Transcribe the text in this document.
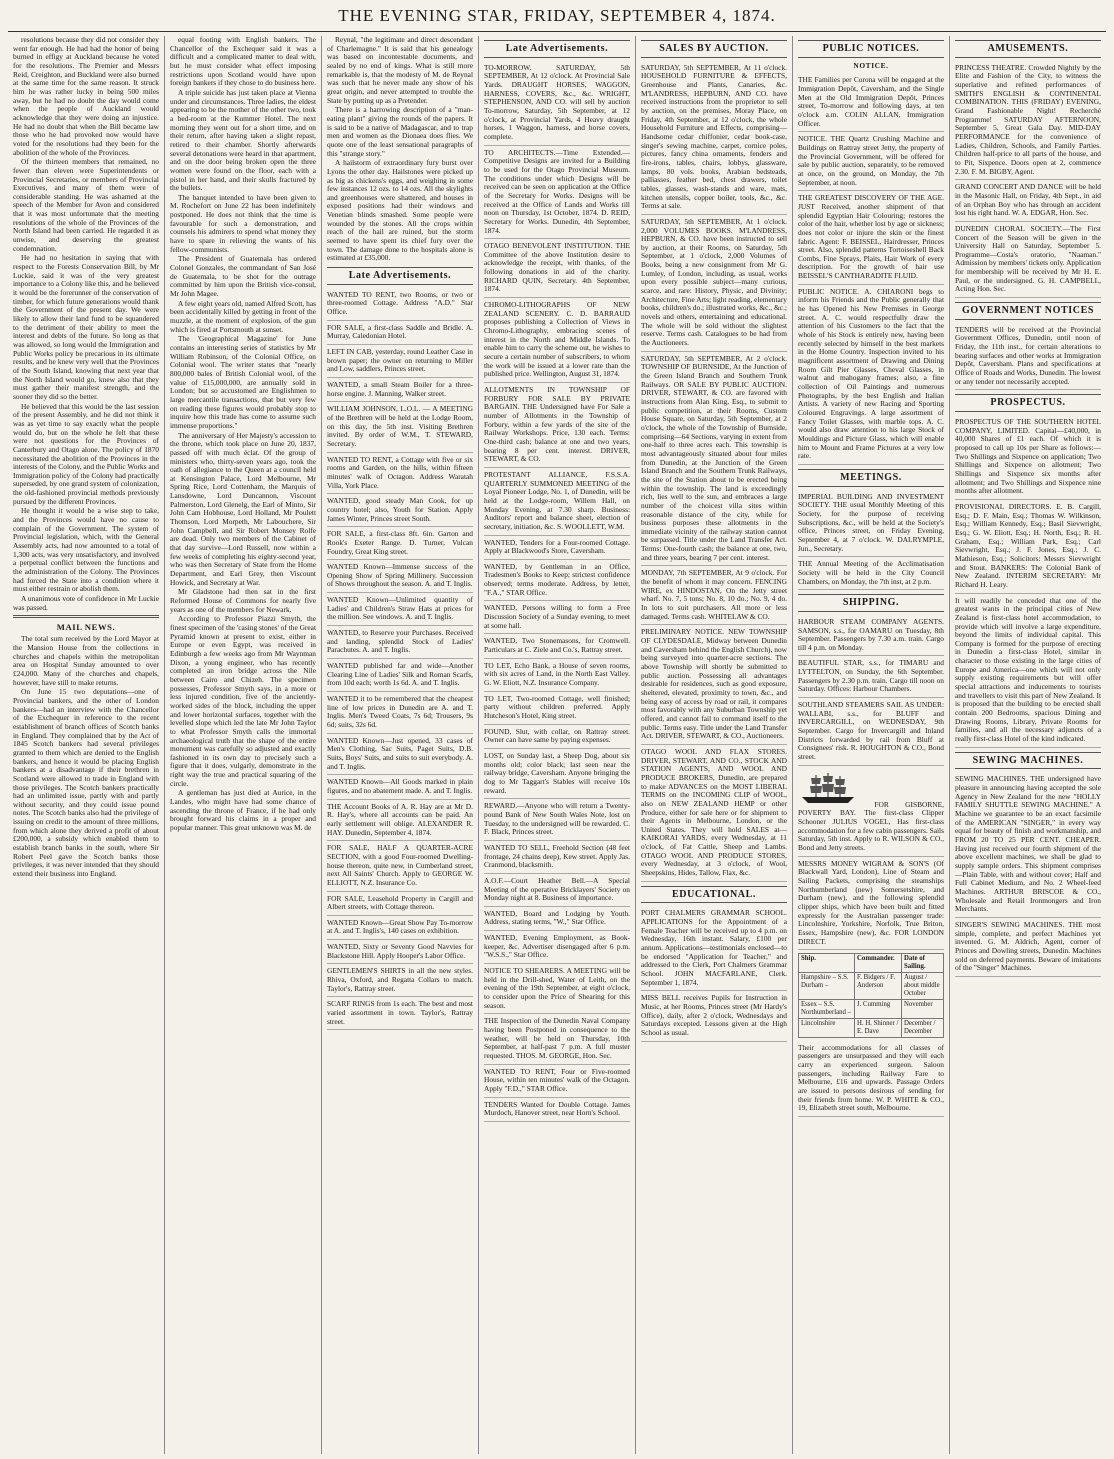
THE EVENING STAR, FRIDAY, SEPTEMBER 4, 1874.

resolutions because they did not consider they went far enough. He had had the honor of being burned in effigy at Auckland because he voted for the resolutions. The Premier and Messrs Reid, Creighton, and Buckland were also burned at the same time for the same reason. It struck him he was rather lucky in being 500 miles away, but he had no doubt the day would come when the people of Auckland would acknowledge that they were doing an injustice. He had no doubt that when the Bill became law those who he had provoked now would have voted for the resolutions had they been for the abolition of the whole of the Provinces.

Of the thirteen members that remained, no fewer than eleven were Superintendents or Provincial Secretaries, or members of Provincial Executives, and many of them were of considerable standing. He was ashamed at the speech of the Member for Avon and considered that it was most unfortunate that the meeting resolutions of the whole of the Provinces of the North Island had been carried. He regarded it as unwise, and deserving the greatest condemnation.

He had no hesitation in saying that with respect to the Forests Conservation Bill, by Mr Luckie, said it was of the very greatest importance to a Colony like this, and he believed it would be the forerunner of the conservation of timber, for which future generations would thank the Government of the present day. We were likely to allow their land fund to be squandered to the detriment of their ability to meet the interest and debts of the future. So long as that was allowed, so long would the Immigration and Public Works policy be precarious in its ultimate results, and he knew very well that the Provinces of the South Island, knowing that next year that the North Island would go, knew also that they must gather their manifest strength, and the sooner they did so the better.

He believed that this would be the last session of the present Assembly, and he did not think it was as yet time to say exactly what the people would do, but on the whole he felt that these were not questions for the Provinces of Canterbury and Otago alone. The policy of 1870 necessitated the abolition of the Provinces in the interests of the Colony, and the Public Works and Immigration policy of the Colony had practically superseded, by one grand system of colonization, the old-fashioned provincial methods previously pursued by the different Provinces.

He thought it would be a wise step to take, and the Provinces would have no cause to complain of the Government. The system of Provincial legislation, which, with the General Assembly acts, had now amounted to a total of 1,300 acts, was very unsatisfactory, and involved a perpetual conflict between the functions and the administration of the Colony. The Provinces had forced the State into a condition where it must either restrain or abolish them.

A unanimous vote of confidence in Mr Luckie was passed.

MAIL NEWS.

The total sum received by the Lord Mayor at the Mansion House from the collections in churches and chapels within the metropolitan area on Hospital Sunday amounted to over £24,000. Many of the churches and chapels, however, have still to make returns.

On June 15 two deputations—one of Provincial bankers, and the other of London bankers—had an interview with the Chancellor of the Exchequer in reference to the recent establishment of branch offices of Scotch banks in England. They complained that by the Act of 1845 Scotch bankers had several privileges granted to them which are denied to the English bankers, and hence it would be placing English bankers at a disadvantage if their brethren in Scotland were allowed to trade in England with those privileges. The Scotch bankers practically had an unlimited issue, partly with and partly without security, and they could issue pound notes. The Scotch banks also had the privilege of issuing on credit to the amount of three millions, from which alone they derived a profit of about £200,000, a subsidy which enabled them to establish branch banks in the south, where Sir Robert Peel gave the Scotch banks those privileges, it was never intended that they should extend their business into England.

equal footing with English bankers. The Chancellor of the Exchequer said it was a difficult and a complicated matter to deal with, but he must consider what effect imposing restrictions upon Scotland would have upon foreign bankers if they chose to do business here.

A triple suicide has just taken place at Vienna under and circumstances. Three ladies, the eldest appearing to be the mother of the other two, took a bed-room at the Kummer Hotel. The next morning they went out for a short time, and on their return, after having taken a slight repast, retired to their chamber. Shortly afterwards several detonations were heard in that apartment, and on the door being broken open the three women were found on the floor, each with a pistol in her hand, and their skulls fractured by the bullets.

The banquet intended to have been given to M. Rochefort on June 22 has been indefinitely postponed. He does not think that the time is favourable for such a demonstration, and counsels his admirers to spend what money they have to spare in relieving the wants of his fellow-communists.

The President of Guatemala has ordered Colonel Gonzales, the commandant of San José de Guatemala, to be shot for the outrage committed by him upon the British vice-consul, Mr John Magee.

A few eight years old, named Alfred Scott, has been accidentally killed by getting in front of the muzzle, at the moment of explosion, of the gun which is fired at Portsmouth at sunset.

The 'Geographical Magazine' for June contains an interesting series of statistics by Mr William Robinson, of the Colonial Office, on Colonial wool. The writer states that "nearly 800,000 bales of British Colonial wool, of the value of £15,000,000, are annually sold in London; but so accustomed are Englishmen to large mercantile transactions, that but very few on reading these figures would probably stop to inquire how this trade has come to assume such immense proportions."

The anniversary of Her Majesty's accession to the throne, which took place on June 20, 1837, passed off with much éclat. Of the group of ministers who, thirty-seven years ago, took the oath of allegiance to the Queen at a council held at Kensington Palace, Lord Melbourne, Mr Spring Rice, Lord Cottenham, the Marquis of Lansdowne, Lord Duncannon, Viscount Palmerston, Lord Glenelg, the Earl of Minto, Sir John Cam Hobhouse, Lord Holland, Mr Poulett Thomson, Lord Morpeth, Mr Labouchere, Sir John Campbell, and Sir Robert Monsey Rolfe are dead. Only two members of the Cabinet of that day survive—Lord Russell, now within a few weeks of completing his eighty-second year, who was then Secretary of State from the Home Department, and Earl Grey, then Viscount Howick, and Secretary at War.

Mr Gladstone had then sat in the first Reformed House of Commons for nearly five years as one of the members for Newark.

According to Professor Piazzi Smyth, the finest specimen of the 'casing stones' of the Great Pyramid known at present to exist, either in Europe or even Egypt, was received in Edinburgh a few weeks ago from Mr Waynman Dixon, a young engineer, who has recently completed an iron bridge across the Nile between Cairo and Chizeh. The specimen possesses, Professor Smyth says, in a more or less injured condition, five of the anciently-worked sides of the block, including the upper and lower horizontal surfaces, together with the levelled slope which led the late Mr John Taylor to what Professor Smyth calls the immortal archaeological truth that the shape of the entire monument was carefully so adjusted and exactly fashioned in its own day to precisely such a figure that it does, vulgarly, demonstrate in the right way the true and practical squaring of the circle.

A gentleman has just died at Aurice, in the Landes, who might have had some chance of ascending the throne of France, if he had only brought forward his claims in a proper and popular manner. This great unknown was M. de

Reynal, "the legitimate and direct descendant of Charlemagne." It is said that his genealogy was based on incontestable documents, and sealed by no end of kings. What is still more remarkable is, that the modesty of M. de Reynal was such that he never made any show of his great origin, and never attempted to trouble the State by putting up as a Pretender.

There is a harrowing description of a "man-eating plant" giving the rounds of the papers. It is said to be a native of Madagascar, and to trap men and women as the Dionaea does flies. We quote one of the least sensational paragraphs of this "strange story."

A hailstorm of extraordinary fury burst over Lyons the other day. Hailstones were picked up as big as chickens's eggs, and weighing in some few instances 12 ozs. to 14 ozs. All the skylights and greenhouses were shattered, and houses in exposed positions had their windows and Venetian blinds smashed. Some people were wounded by the stones. All the crops within reach of the hail are ruined, but the storm seemed to have spent its chief fury over the town. The damage done to the hospitals alone is estimated at £35,000.

Late Advertisements.
WANTED TO RENT, two Rooms, or two or three-roomed Cottage. Address "A.D." Star Office.
FOR SALE, a first-class Saddle and Bridle. A. Murray, Caledonian Hotel.
LEFT IN CAB, yesterday, round Leather Case in brown paper; the owner on returning to Miller and Low, saddlers, Princes street.
WANTED, a small Steam Boiler for a three-horse engine. J. Manning, Walker street.
WILLIAM JOHNSON, L.O.L. — A MEETING of the Brethren will be held at the Lodge Room, on this day, the 5th inst. Visiting Brethren invited. By order of W.M., T. STEWARD, Secretary.
WANTED TO RENT, a Cottage with five or six rooms and Garden, on the hills, within fifteen minutes' walk of Octagon. Address Waratah Villa, York Place.
WANTED, good steady Man Cook, for up country hotel; also, Youth for Station. Apply James Winter, Princes street South.
FOR SALE, a first-class 8ft. 6in. Garton and Rook's Exeter Range. D. Turner, Vulcan Foundry, Great King street.
WANTED Known—Immense success of the Opening Show of Spring Millinery. Succession of Shows throughout the season. A. and T. Inglis.
WANTED Known—Unlimited quantity of Ladies' and Children's Straw Hats at prices for the million. See windows. A. and T. Inglis.
WANTED, to Reserve your Purchases. Received and landing, splendid Stock of Ladies' Parachutes. A. and T. Inglis.
WANTED published far and wide—Another Clearing Line of Ladies' Silk and Roman Scarfs, from 10d each; worth 1s 6d. A. and T. Inglis.
WANTED it to be remembered that the cheapest line of low prices in Dunedin are A. and T. Inglis. Men's Tweed Coats, 7s 6d; Trousers, 9s 6d; suits, 32s 6d.
WANTED Known—Just opened, 33 cases of Men's Clothing, Sac Suits, Paget Suits, D.B. Suits, Boys' Suits, and suits to suit everybody. A. and T. Inglis.
WANTED Known—All Goods marked in plain figures, and no abatement made. A. and T. Inglis.
THE Account Books of A. R. Hay are at Mr D. R. Hay's, where all accounts can be paid. An early settlement will oblige. ALEXANDER R. HAY. Dunedin, September 4, 1874.
FOR SALE, HALF A QUARTER-ACRE SECTION, with a good Four-roomed Dwelling-house thereon, quite new, in Cumberland street, next All Saints' Church. Apply to GEORGE W. ELLIOTT, N.Z. Insurance Co.
FOR SALE, Leasehold Property in Cargill and Albert streets, with Cottage thereon.
WANTED Known—Great Show Pay To-morrow at A. and T. Inglis's, 140 cases on exhibition.
WANTED, Sixty or Seventy Good Navvies for Blackstone Hill. Apply Hooper's Labor Office.
GENTLEMEN'S SHIRTS in all the new styles. Rhiva, Oxford, and Regatta Collars to match. Taylor's, Rattray street.
SCARF RINGS from 1s each. The best and most varied assortment in town. Taylor's, Rattray street.
Late Advertisements.
TO-MORROW. SATURDAY, 5th SEPTEMBER, At 12 o'clock. At Provincial Sale Yards. DRAUGHT HORSES, WAGGON, HARNESS, COVERS, &c., &c. WRIGHT, STEPHENSON, AND CO. will sell by auction To-morrow, Saturday, 5th September, at 12 o'clock, at Provincial Yards, 4 Heavy draught horses, 1 Waggon, harness, and horse covers, complete.
TO ARCHITECTS.—Time Extended.—Competitive Designs are invited for a Building to be used for the Otago Provincial Museum. The conditions under which Designs will be received can be seen on application at the Office of the Secretary for Works. Designs will be received at the Office of Lands and Works till noon on Thursday, 1st October, 1874. D. REID, Secretary for Works. Dunedin, 4th September, 1874.
OTAGO BENEVOLENT INSTITUTION. THE Committee of the above Institution desire to acknowledge the receipt, with thanks, of the following donations in aid of the charity. RICHARD QUIN, Secretary. 4th September, 1874.
CHROMO-LITHOGRAPHS OF NEW ZEALAND SCENERY. C. D. BARRAUD proposes publishing a Collection of Views in Chromo-Lithography, embracing scenes of interest in the North and Middle Islands. To enable him to carry the scheme out, he wishes to secure a certain number of subscribers, to whom the work will be issued at a lower rate than the published price. Wellington, August 31, 1874.
ALLOTMENTS IN TOWNSHIP OF FORBURY FOR SALE BY PRIVATE BARGAIN. THE Undersigned have For Sale a number of Allotments in the Township of Forbury, within a few yards of the site of the Railway Workshops. Price, 130 each. Terms: One-third cash; balance at one and two years, bearing 8 per cent. interest. DRIVER, STEWART, & CO.
PROTESTANT ALLIANCE, F.S.S.A. QUARTERLY SUMMONED MEETING of the Loyal Pioneer Lodge, No. 1, of Dunedin, will be held at the Lodge-room, Willem Hall, on Monday Evening, at 7.30 sharp. Business: Auditors' report and balance sheet, election of secretary, initiation, &c. S. WOOLLETT, W.M.
WANTED, Tenders for a Four-roomed Cottage. Apply at Blackwood's Store, Caversham.
WANTED, by Gentleman in an Office, Tradesmen's Books to Keep; strictest confidence observed; terms moderate. Address, by letter, "F.A.," STAR Office.
WANTED, Persons willing to form a Free Discussion Society of a Sunday evening, to meet at some hall.
WANTED, Two Stonemasons, for Cromwell. Particulars at C. Ziele and Co.'s, Rattray street.
TO LET, Echo Bank, a House of seven rooms, with six acres of Land, in the North East Valley. G. W. Eliott, N.Z. Insurance Company.
TO LET, Two-roomed Cottage, well finished; party without children preferred. Apply Hutcheson's Hotel, King street.
FOUND, Slut, with collar, on Rattray street. Owner can have same by paying expenses.
LOST, on Sunday last, a Sheep Dog, about six months old; color black; last seen near the railway bridge, Caversham. Anyone bringing the dog to Mr Taggart's Stables will receive 10s reward.
REWARD.—Anyone who will return a Twenty-pound Bank of New South Wales Note, lost on Tuesday, to the undersigned will be rewarded. C. F. Black, Princes street.
WANTED TO SELL, Freehold Section (48 feet frontage, 24 chains deep), Kew street. Apply Jas. Cranmond, blacksmith.
A.O.F.—Court Heather Bell.—A Special Meeting of the operative Bricklayers' Society on Monday night at 8. Business of importance.
WANTED, Board and Lodging by Youth. Address, stating terms, "W.," Star Office.
WANTED, Evening Employment, as Book-keeper, &c. Advertiser disengaged after 6 p.m. "W.S.S.," Star Office.
NOTICE TO SHEARERS. A MEETING will be held in the Drill-shed, Water of Leith, on the evening of the 19th September, at eight o'clock, to consider upon the Price of Shearing for this season.
THE Inspection of the Dunedin Naval Company having been Postponed in consequence to the weather, will be held on Thursday, 10th September, at half-past 7 p.m. A full muster requested. THOS. M. GEORGE, Hon. Sec.
WANTED TO RENT, Four or Five-roomed House, within ten minutes' walk of the Octagon. Apply "F.D.," STAR Office.
TENDERS Wanted for Double Cottage. James Murdoch, Hanover street, near Horn's School.
SALES BY AUCTION.
SATURDAY, 5th SEPTEMBER, At 11 o'clock. HOUSEHOLD FURNITURE & EFFECTS, Greenhouse and Plants, Canaries, &c. M'LANDRESS, HEPBURN, AND CO. have received instructions from the proprietor to sell by auction, on the premises, Moray Place, on Friday, 4th September, at 12 o'clock, the whole Household Furniture and Effects, comprising—Handsome cedar chiffonier, cedar book-case, singer's sewing machine, carpet, cornice poles, pictures, fancy china ornaments, fenders and fire-irons, tables, chairs, lobbys, glassware, lamps, 80 vols. books, Arabian bedsteads, palliasses, feather bed, chest drawers, toilet tables, glasses, wash-stands and ware, mats, kitchen utensils, copper boiler, tools, &c., &c. Terms at sale.
SATURDAY, 5th SEPTEMBER, At 1 o'clock. 2,000 VOLUMES BOOKS. M'LANDRESS, HEPBURN, & CO. have been instructed to sell by auction, at their Rooms, on Saturday, 5th September, at 1 o'clock, 2,000 Volumes of Books, being a new consignment from Mr G. Lumley, of London, including, as usual, works upon every possible subject—many curious, scarce, and rare: History, Physic, and Divinity; Architecture, Fine Arts; light reading, elementary books, children's do.; illustrated works, &c., &c.; novels and others, entertaining and educational. The whole will be sold without the slightest reserve. Terms cash. Catalogues to be had from the Auctioneers.
SATURDAY, 5th SEPTEMBER, At 2 o'clock. TOWNSHIP OF BURNSIDE, At the Junction of the Green Island Branch and Southern Trunk Railways. OR SALE BY PUBLIC AUCTION. DRIVER, STEWART, & CO. are favored with instructions from Alan King, Esq., to submit to public competition, at their Rooms, Custom House Square, on Saturday, 5th September, at 2 o'clock, the whole of the Township of Burnside, comprising—64 Sections, varying in extent from one-half to three acres each. This township is most advantageously situated about four miles from Dunedin, at the Junction of the Green Island Branch and the Southern Trunk Railways, the site of the Station about to be erected being within the township. The land is exceedingly rich, lies well to the sun, and embraces a large number of the choicest villa sites within reasonable distance of the city, while for business purposes these allotments in the immediate vicinity of the railway station cannot be surpassed. Title under the Land Transfer Act. Terms: One-fourth cash; the balance at one, two, and three years, bearing 7 per cent. interest.
MONDAY, 7th SEPTEMBER, At 9 o'clock. For the benefit of whom it may concern. FENCING WIRE, ex HINDOSTAN, On the Jetty street wharf. No. 7, 5 tons; No. 8, 10 do.; No. 9, 4 do. In lots to suit purchasers. All more or less damaged. Terms cash. WHITELAW & CO.
PRELIMINARY NOTICE. NEW TOWNSHIP OF CLYDESDALE, Midway between Dunedin and Caversham behind the English Church), now being surveyed into quarter-acre sections. The above Township will shortly be submitted to public auction. Possessing all advantages desirable for residences, such as good exposure, sheltered, elevated, proximity to town, &c., and being easy of access by road or rail, it compares most favorably with any Suburban Township yet offered, and cannot fail to command itself to the public. Terms easy. Title under the Land Transfer Act. DRIVER, STEWART, & CO., Auctioneers.
OTAGO WOOL AND FLAX STORES. DRIVER, STEWART, AND CO., STOCK AND STATION AGENTS, AND WOOL AND PRODUCE BROKERS, Dunedin, are prepared to make ADVANCES on the MOST LIBERAL TERMS on the INCOMING CLIP of WOOL, also on NEW ZEALAND HEMP or other Produce, either for sale here or for shipment to their Agents in Melbourne, London, or the United States. They will hold SALES at—KAIKORAI YARDS, every Wednesday, at 11 o'clock, of Fat Cattle, Sheep and Lambs. OTAGO WOOL AND PRODUCE STORES, every Wednesday, at 3 o'clock, of Wool, Sheepskins, Hides, Tallow, Flax, &c.
EDUCATIONAL.
PORT CHALMERS GRAMMAR SCHOOL. APPLICATIONS for the Appointment of a Female Teacher will be received up to 4 p.m. on Wednesday, 16th instant. Salary, £100 per annum. Applications—testimonials enclosed—to be endorsed "Application for Teacher," and addressed to the Clerk, Port Chalmers Grammar School. JOHN MACFARLANE, Clerk. September 1, 1874.
MISS BELL receives Pupils for Instruction in Music, at her Rooms, Princes street (Mr Hardy's Office), daily, after 2 o'clock, Wednesdays and Saturdays excepted. Lessons given at the High School as usual.
PUBLIC NOTICES.
NOTICE.
THE Families per Corona will be engaged at the Immigration Depôt, Caversham, and the Single Men at the Old Immigration Depôt, Princes street, To-morrow and following days, at ten o'clock a.m. COLIN ALLAN, Immigration Officer.
NOTICE. THE Quartz Crushing Machine and Buildings on Rattray street Jetty, the property of the Provincial Government, will be offered for sale by public auction, separately, to be removed at once, on the ground, on Monday, the 7th September, at noon.
THE GREATEST DISCOVERY OF THE AGE. JUST Received, another shipment of that splendid Egyptian Hair Colouring; restores the color of the hair, whether lost by age or sickness; does not color or injure the skin or the finest fabric. Agent: F. BEISSEL, Hairdresser, Princes street. Also, splendid patterns Tortoiseshell Back Combs, Fine Sprays, Plaits, Hair Work of every description. For the growth of hair use BEISSEL'S CANTHARADITE FLUID.
PUBLIC NOTICE. A. CHIARONI begs to inform his Friends and the Public generally that he has Opened his New Premises in George street. A. C. would respectfully draw the attention of his Customers to the fact that the whole of his Stock is entirely new, having been recently selected by himself in the best markets in the Home Country. Inspection invited to his magnificent assortment of Drawing and Dining Room Gilt Pier Glasses, Cheval Glasses, in walnut and mahogany frames; also, a fine collection of Oil Paintings and numerous Photographs, by the best English and Italian Artists. A variety of new Racing and Sporting Coloured Engravings. A large assortment of Fancy Toilet Glasses, with marble tops. A. C. would also draw attention to his large Stock of Mouldings and Picture Glass, which will enable him to Mount and Frame Pictures at a very low rate.
MEETINGS.
IMPERIAL BUILDING AND INVESTMENT SOCIETY. THE usual Monthly Meeting of this Society, for the purpose of receiving Subscriptions, &c., will be held at the Society's office, Princes street, on Friday Evening, September 4, at 7 o'clock. W. DALRYMPLE, Jun., Secretary.
THE Annual Meeting of the Acclimatisation Society will be held in the City Council Chambers, on Monday, the 7th inst, at 2 p.m.
SHIPPING.
HARBOUR STEAM COMPANY AGENTS. SAMSON, s.s., for OAMARU on Tuesday, 8th September. Passengers by 7.30 a.m. train. Cargo till 4 p.m. on Monday.
BEAUTIFUL STAR, s.s., for TIMARU and LYTTELTON, on Sunday, the 6th September. Passengers by 2.30 p.m. train. Cargo till noon on Saturday. Offices: Harbour Chambers.
SOUTHLAND STEAMERS SAIL AS UNDER: WALLABI, s.s., for BLUFF and INVERCARGILL, on WEDNESDAY, 9th September. Cargo for Invercargill and Inland Districts forwarded by rail from Bluff at Consignees' risk. R. HOUGHTON & CO., Bond street.
FOR GISBORNE, POVERTY BAY. The first-class Clipper Schooner JULIUS VOGEL, Has first-class accommodation for a few cabin passengers. Sails Saturday, 5th inst. Apply to R. WILSON & CO., Bond and Jetty streets.
MESSRS MONEY WIGRAM & SON'S (Of Blackwall Yard, London), Line of Steam and Sailing Packets, comprising the steamships Northumberland (new) Somersetshire, and Durham (new), and the following splendid clipper ships, which have been built and fitted expressly for the Australian passenger trade: Lincolnshire, Yorkshire, Norfolk, True Briton, Essex, Hampshire (new), &c. FOR LONDON DIRECT.
Ship.	Commander.	Date of Sailing.
Hampshire – S.S. Durham –	F. Bidgers / F. Anderson	August / about middle October
Essex – S.S. Northumberland –	J. Cumming	November
Lincolnshire	H. H. Shinner / E. Dave	December / December
Their accommodations for all classes of passengers are unsurpassed and they will each carry an experienced surgeon. Saloon passengers, including Railway Fare to Melbourne, £16 and upwards. Passage Orders are issued to persons desirous of sending for their friends from home. W. P. WHITE & CO., 19, Elizabeth street south, Melbourne.
AMUSEMENTS.
PRINCESS THEATRE. Crowded Nightly by the Elite and Fashion of the City, to witness the superlative and refined performances of SMITH'S ENGLISH & CONTINENTAL COMBINATION. THIS (FRIDAY) EVENING, Grand Fashionable Night! Recherché Programme! SATURDAY AFTERNOON, September 5, Great Gala Day. MID-DAY PERFORMANCE for the convenience of Ladies, Children, Schools, and Family Parties. Children half-price to all parts of the house, and to Pit, Sixpence. Doors open at 2, commence 2.30. F. M. BIGBY, Agent.
GRAND CONCERT AND DANCE will be held in the Masonic Hall, on Friday, 4th Sept., in aid of an Orphan Boy who has through an accident lost his right hand. W. A. EDGAR, Hon. Sec.
DUNEDIN CHORAL SOCIETY.—The First Concert of the Season will be given in the University Hall on Saturday, September 5. Programme—Costa's oratorio, "Naaman." Admission by members' tickets only. Application for membership will be received by Mr H. E. Paul, or the undersigned. G. H. CAMPBELL, Acting Hon. Sec.
GOVERNMENT NOTICES
TENDERS will be received at the Provincial Government Offices, Dunedin, until noon of Friday, the 11th inst., for certain alterations to bearing surfaces and other works at Immigration Depôt, Caversham. Plans and specifications at Office of Roads and Works, Dunedin. The lowest or any tender not necessarily accepted.
PROSPECTUS.
PROSPECTUS OF THE SOUTHERN HOTEL COMPANY, LIMITED. Capital—£40,000, in 40,000 Shares of £1 each. Of which it is proposed to call up 10s per Share as follows:—Two Shillings and Sixpence on application; Two Shillings and Sixpence on allotment; Two Shillings and Sixpence six months after allotment; and Two Shillings and Sixpence nine months after allotment.
PROVISIONAL DIRECTORS. E. B. Cargill, Esq.; D. F. Main, Esq.; Thomas W. Wilkinson, Esq.; William Kennedy, Esq.; Basil Sievwright, Esq.; G. W. Eliott, Esq.; H. North, Esq.; R. H. Graham, Esq.; William Park, Esq.; Carl Sievwright, Esq.; J. F. Jones, Esq.; J. C. Mathieson, Esq.; Solicitors: Messrs Sievwright and Stout. BANKERS: The Colonial Bank of New Zealand. INTERIM SECRETARY: Mr Richard H. Leary.
It will readily be conceded that one of the greatest wants in the principal cities of New Zealand is first-class hotel accommodation, to provide which will involve a large expenditure, beyond the limits of individual capital. This Company is formed for the purpose of erecting in Dunedin a first-class Hotel, similar in character to those existing in the large cities of Europe and America—one which will not only supply existing requirements but will offer special attractions and inducements to tourists and travellers to visit this part of New Zealand. It is proposed that the building to be erected shall contain 200 Bedrooms, spacious Dining and Drawing Rooms, Library, Private Rooms for families, and all the necessary adjuncts of a really first-class Hotel of the kind indicated.
SEWING MACHINES.
SEWING MACHINES. THE undersigned have pleasure in announcing having accepted the sole Agency in New Zealand for the new "HOLLY FAMILY SHUTTLE SEWING MACHINE." A Machine we guarantee to be an exact facsimile of the AMERICAN "SINGER," in every way equal for beauty of finish and workmanship, and FROM 20 TO 25 PER CENT. CHEAPER. Having just received our fourth shipment of the above excellent machines, we shall be glad to supply sample orders. This shipment comprises—Plain Table, with and without cover; Half and Full Cabinet Medium, and No. 2 Wheel-feed Machines. ARTHUR BRISCOE & CO., Wholesale and Retail Ironmongers and Iron Merchants.
SINGER'S SEWING MACHINES. THE most simple, complete, and perfect Machines yet invented. G. M. Aldrich, Agent, corner of Princes and Dowling streets, Dunedin. Machines sold on deferred payments. Beware of imitations of the "Singer" Machines.
